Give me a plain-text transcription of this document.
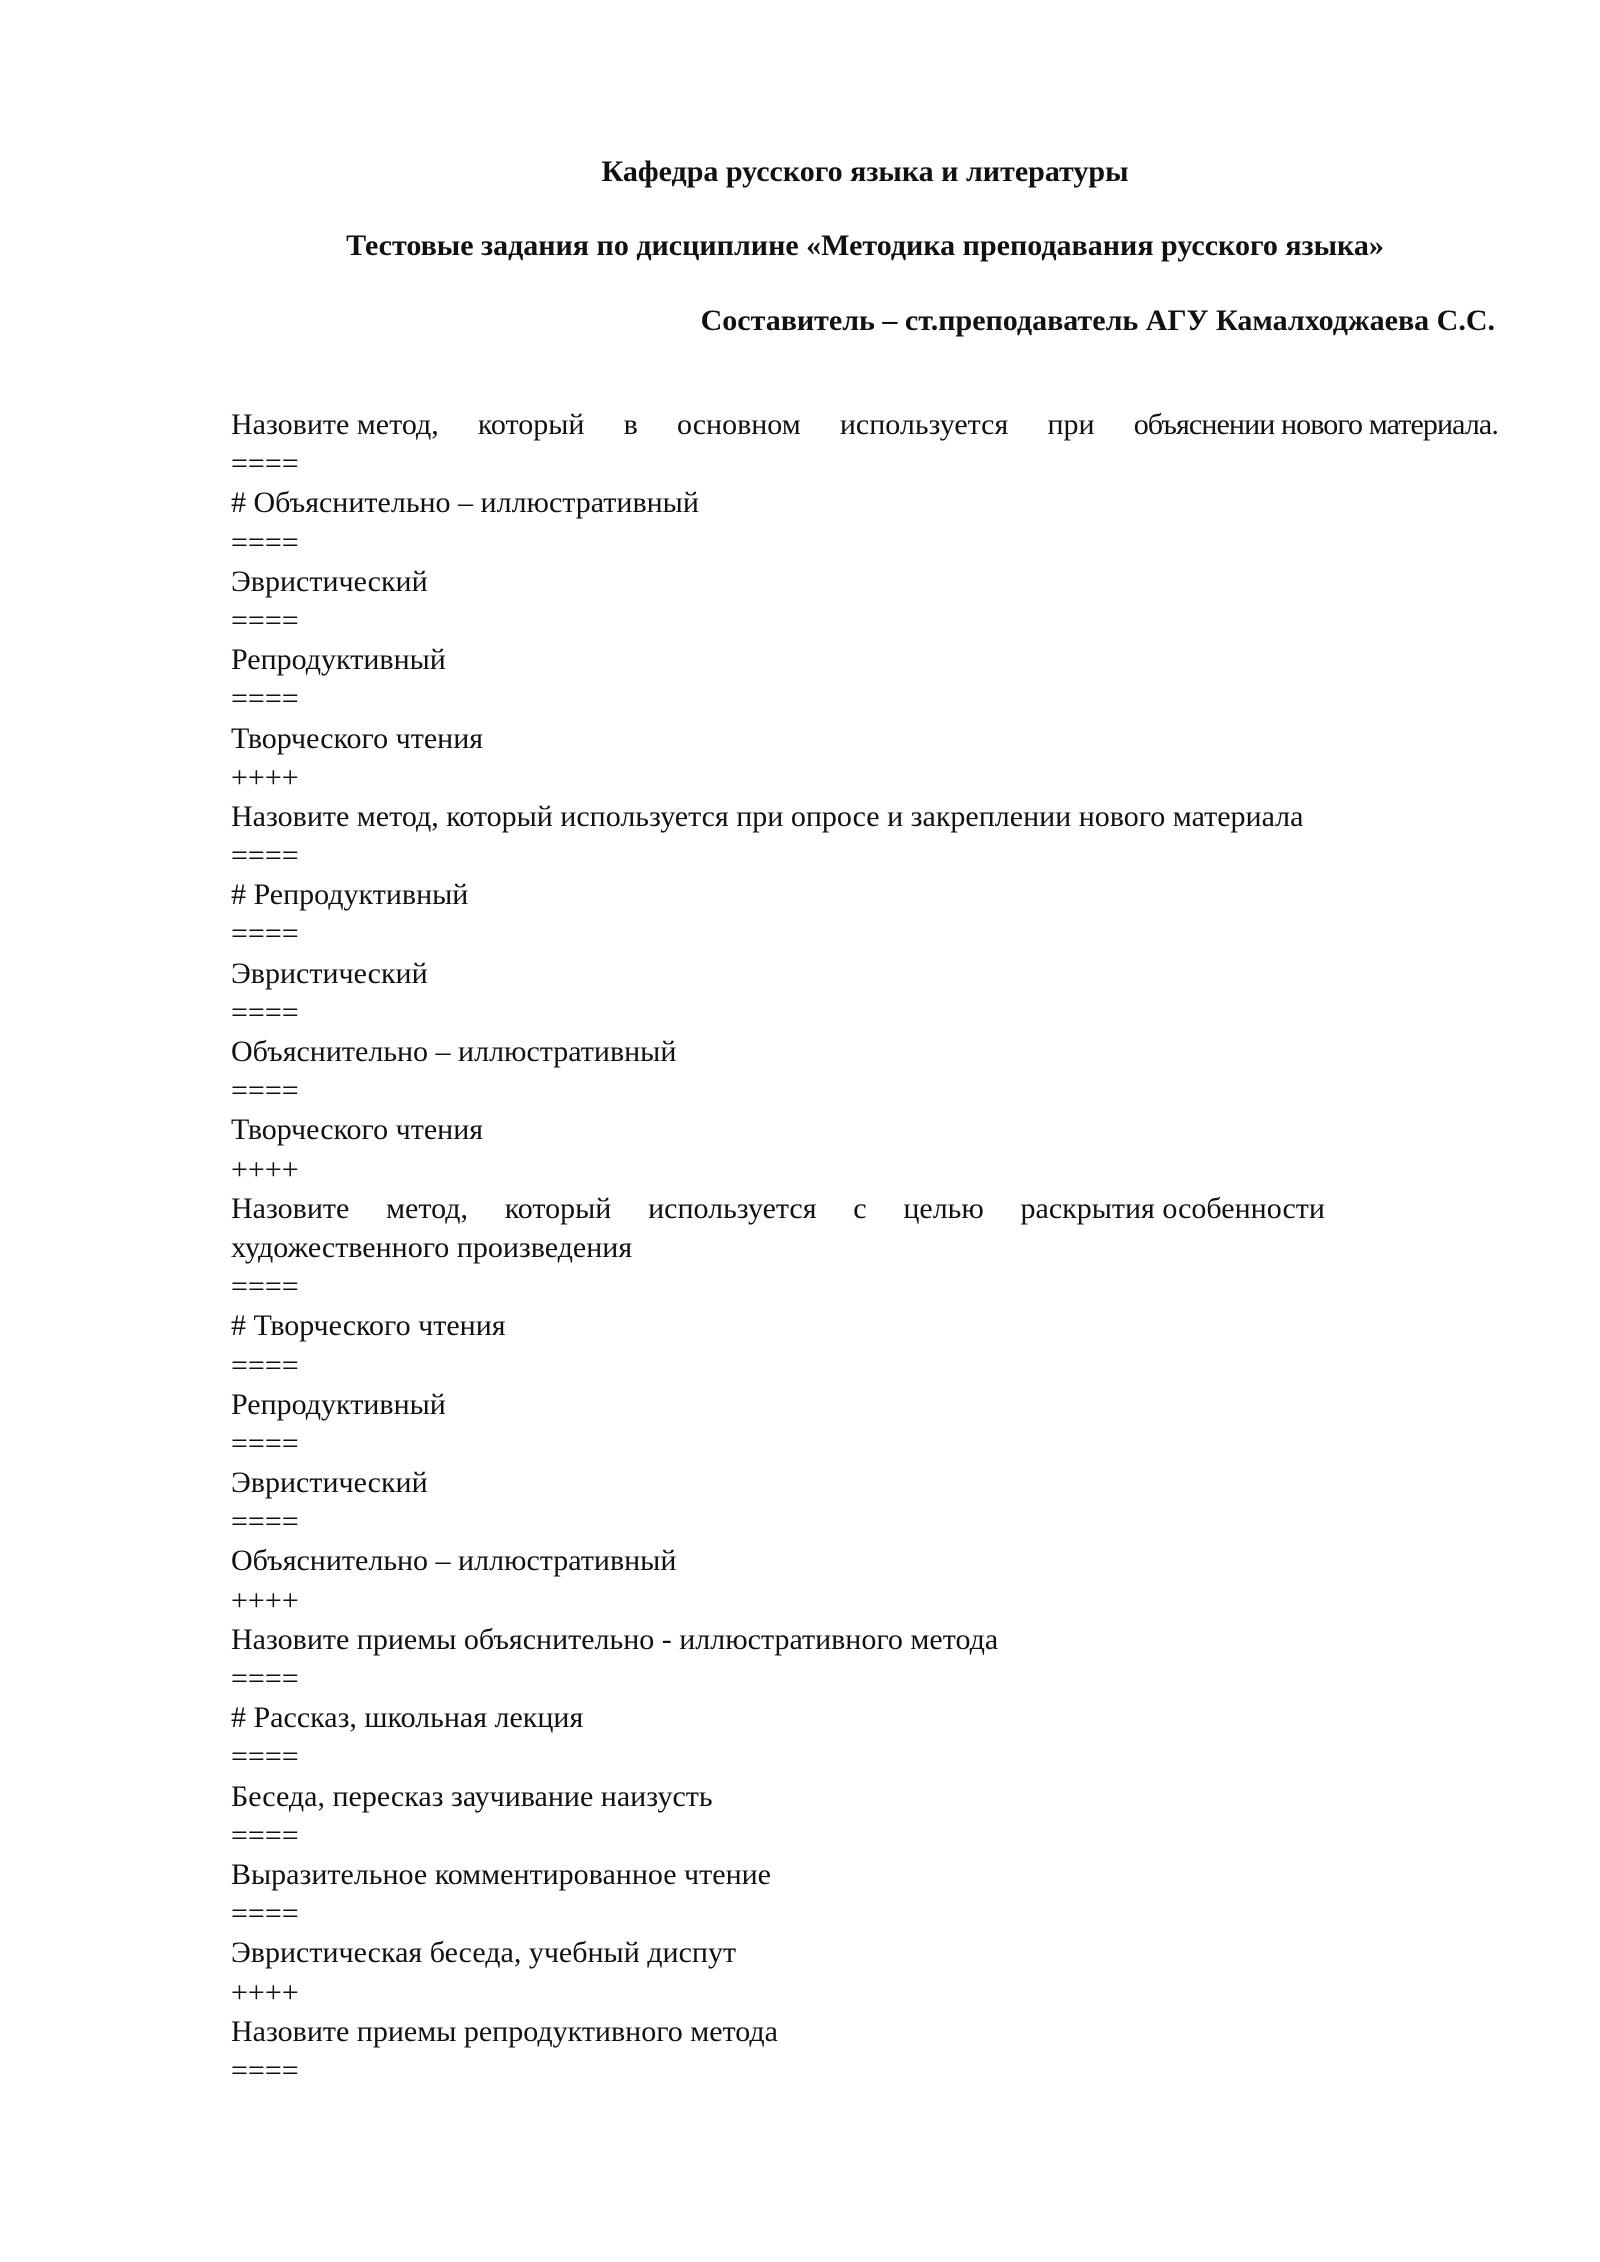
Кафедра русского языка и литературы
Тестовые задания по дисциплине «Методика преподавания русского языка»
Составитель – ст.преподаватель АГУ Камалходжаева С.С.
Назовите метод, который в основном используется при объяснении нового материала.
====
# Объяснительно – иллюстративный
====
Эвристический
====
Репродуктивный
====
Творческого чтения
++++
Назовите метод, который используется при опросе и закреплении нового материала
====
# Репродуктивный
====
Эвристический
====
Объяснительно – иллюстративный
====
Творческого чтения
++++
Назовите метод, который используется с целью раскрытия особенности
художественного произведения
====
# Творческого чтения
====
Репродуктивный
====
Эвристический
====
Объяснительно – иллюстративный
++++
Назовите приемы объяснительно - иллюстративного метода
====
# Рассказ, школьная лекция
====
Беседа, пересказ заучивание наизусть
====
Выразительное комментированное чтение
====
Эвристическая беседа, учебный диспут
++++
Назовите приемы репродуктивного метода
====
